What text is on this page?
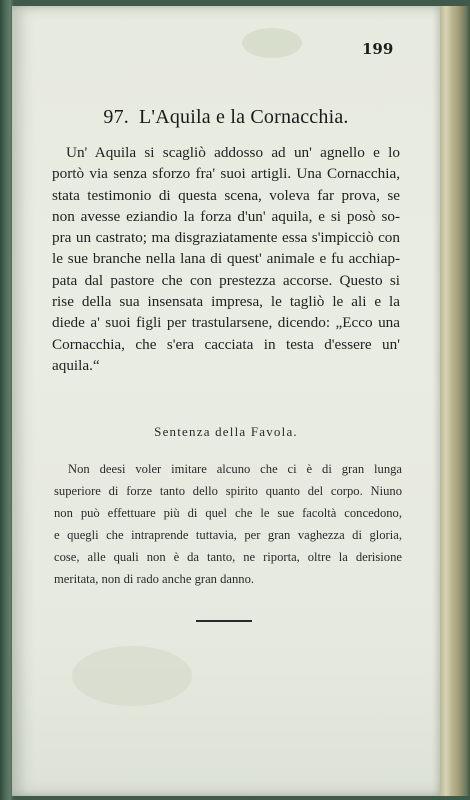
199
97. L'Aquila e la Cornacchia.
Un' Aquila si scagliò addosso ad un' agnello e lo
portò via senza sforzo fra' suoi artigli. Una Cornacchia,
stata testimonio di questa scena, voleva far prova, se
non avesse eziandio la forza d'un' aquila, e si posò so-
pra un castrato; ma disgraziatamente essa s'impicciò con
le sue branche nella lana di quest' animale e fu acchiap-
pata dal pastore che con prestezza accorse. Questo si
rise della sua insensata impresa, le tagliò le ali e la
diede a' suoi figli per trastularsene, dicendo: „Ecco una
Cornacchia, che s'era cacciata in testa d'essere un'
aquila.“
Sentenza della Favola.
Non deesi voler imitare alcuno che ci è di gran lunga
superiore di forze tanto dello spirito quanto del corpo. Niuno
non può effettuare più di quel che le sue facoltà concedono,
e quegli che intraprende tuttavia, per gran vaghezza di gloria,
cose, alle quali non è da tanto, ne riporta, oltre la derisione
meritata, non di rado anche gran danno.
